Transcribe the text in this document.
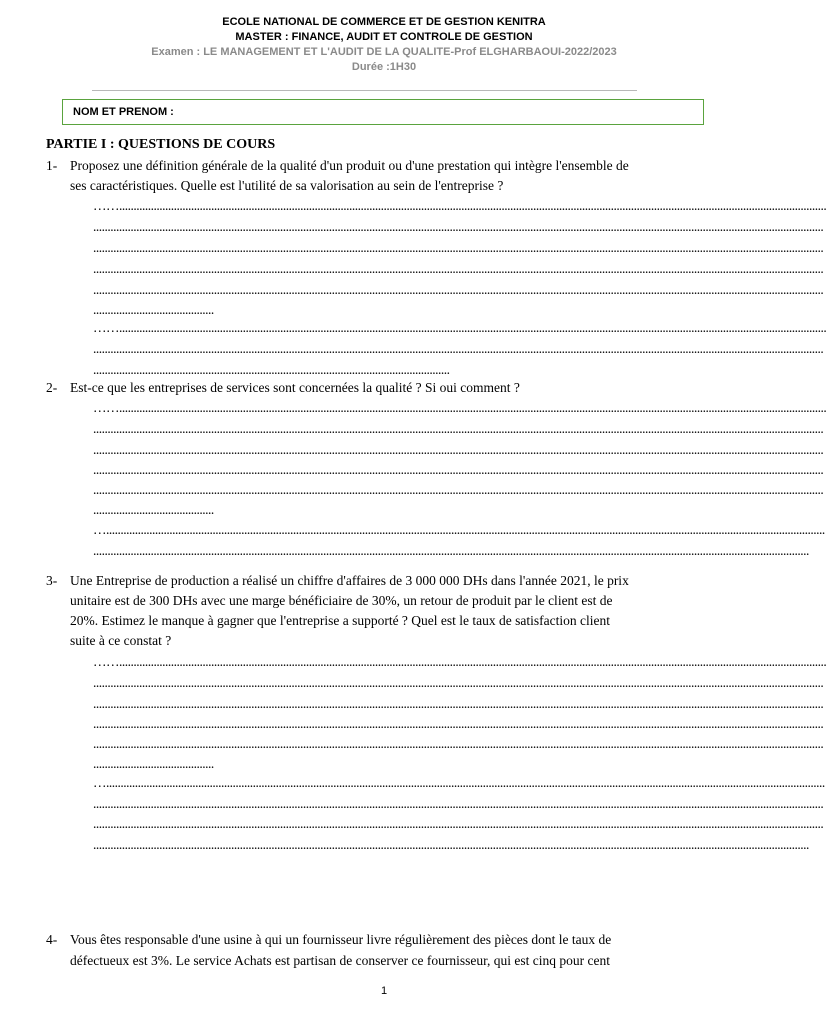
ECOLE NATIONAL DE COMMERCE ET DE GESTION KENITRA
MASTER : FINANCE, AUDIT ET CONTROLE DE GESTION
Examen : LE MANAGEMENT ET L'AUDIT DE LA QUALITE-Prof ELGHARBAOUI-2022/2023
Durée :1H30
NOM ET PRENOM :
PARTIE I : QUESTIONS DE COURS
1- Proposez une définition générale de la qualité d'un produit ou d'une prestation qui intègre l'ensemble de
ses caractéristiques. Quelle est l'utilité de sa valorisation au sein de l'entreprise ?
……......................................................................................................................................................................................................................................................
..............................................................................................................................................................................................................................................................
..............................................................................................................................................................................................................................................................
..............................................................................................................................................................................................................................................................
..............................................................................................................................................................................................................................................................
..........................................
……......................................................................................................................................................................................................................................................
..............................................................................................................................................................................................................................................................
............................................................................................................................
2- Est-ce que les entreprises de services sont concernées la qualité ? Si oui comment ?
……......................................................................................................................................................................................................................................................
..............................................................................................................................................................................................................................................................
..............................................................................................................................................................................................................................................................
..............................................................................................................................................................................................................................................................
..............................................................................................................................................................................................................................................................
..........................................
…..........................................................................................................................................................................................................................................................
.........................................................................................................................................................................................................................................................
3- Une Entreprise de production a réalisé un chiffre d'affaires de 3 000 000 DHs dans l'année 2021, le prix
unitaire est de 300 DHs avec une marge bénéficiaire de 30%, un retour de produit par le client est de
20%. Estimez le manque à gagner que l'entreprise a supporté ? Quel est le taux de satisfaction client
suite à ce constat ?
……......................................................................................................................................................................................................................................................
..............................................................................................................................................................................................................................................................
..............................................................................................................................................................................................................................................................
..............................................................................................................................................................................................................................................................
..............................................................................................................................................................................................................................................................
..........................................
…..........................................................................................................................................................................................................................................................
..............................................................................................................................................................................................................................................................
..............................................................................................................................................................................................................................................................
.........................................................................................................................................................................................................................................................
4- Vous êtes responsable d'une usine à qui un fournisseur livre régulièrement des pièces dont le taux de
défectueux est 3%. Le service Achats est partisan de conserver ce fournisseur, qui est cinq pour cent
1
